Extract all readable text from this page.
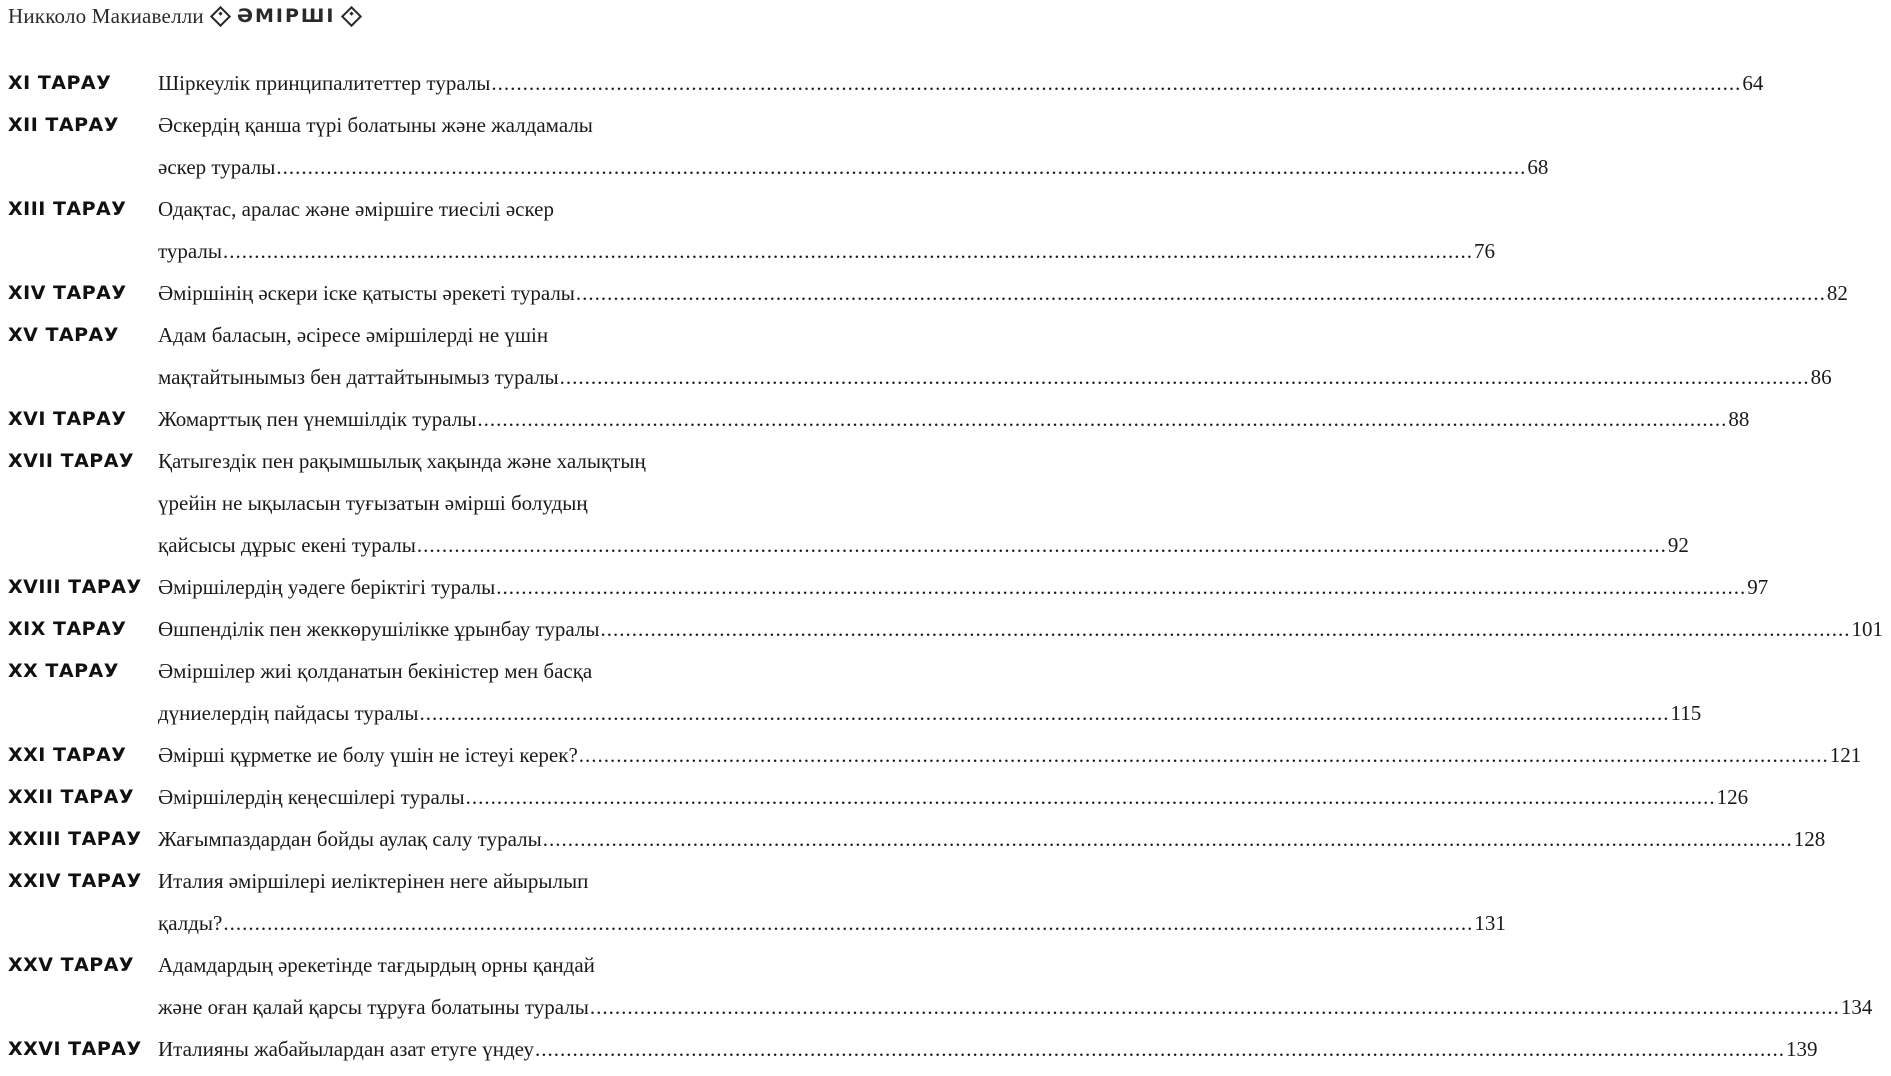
Никколо Макиавелли ӘМІРШІ
XI ТАРАУ	Шіркеулік принципалитеттер туралы .....	64
XII ТАРАУ	Әскердің қанша түрі болатыны және жалдамалы
әскер туралы .....	68
XIII ТАРАУ	Одақтас, аралас және әміршіге тиесілі әскер
туралы .....	76
XIV ТАРАУ	Әміршінің әскери іске қатысты әрекеті туралы .....	82
XV ТАРАУ	Адам баласын, әсіресе әміршілерді не үшін
мақтайтынымыз бен даттайтынымыз туралы .....	86
XVI ТАРАУ	Жомарттық пен үнемшілдік туралы .....	88
XVII ТАРАУ	Қатыгездік пен рақымшылық хақында және халықтың
үрейін не ықыласын туғызатын әмірші болудың
қайсысы дұрыс екені туралы .....	92
XVIII ТАРАУ Әміршілердің уәдеге беріктігі туралы .....	97
XIX ТАРАУ	Өшпенділік пен жеккөрушілікке ұрынбау туралы .....	101
XX ТАРАУ	Әміршілер жиі қолданатын бекіністер мен басқа
дүниелердің пайдасы туралы .....	115
XXI ТАРАУ	Әмірші құрметке ие болу үшін не істеуі керек? .....	121
XXII ТАРАУ	Әміршілердің кеңесшілері туралы .....	126
XXIII ТАРАУ Жағымпаздардан бойды аулақ салу туралы .....	128
XXIV ТАРАУ Италия әміршілері иеліктерінен неге айырылып
қалды? .....	131
XXV ТАРАУ	Адамдардың әрекетінде тағдырдың орны қандай
және оған қалай қарсы тұруға болатыны туралы .....	134
XXVI ТАРАУ Италияны жабайылардан азат етуге үндеу .....	139
